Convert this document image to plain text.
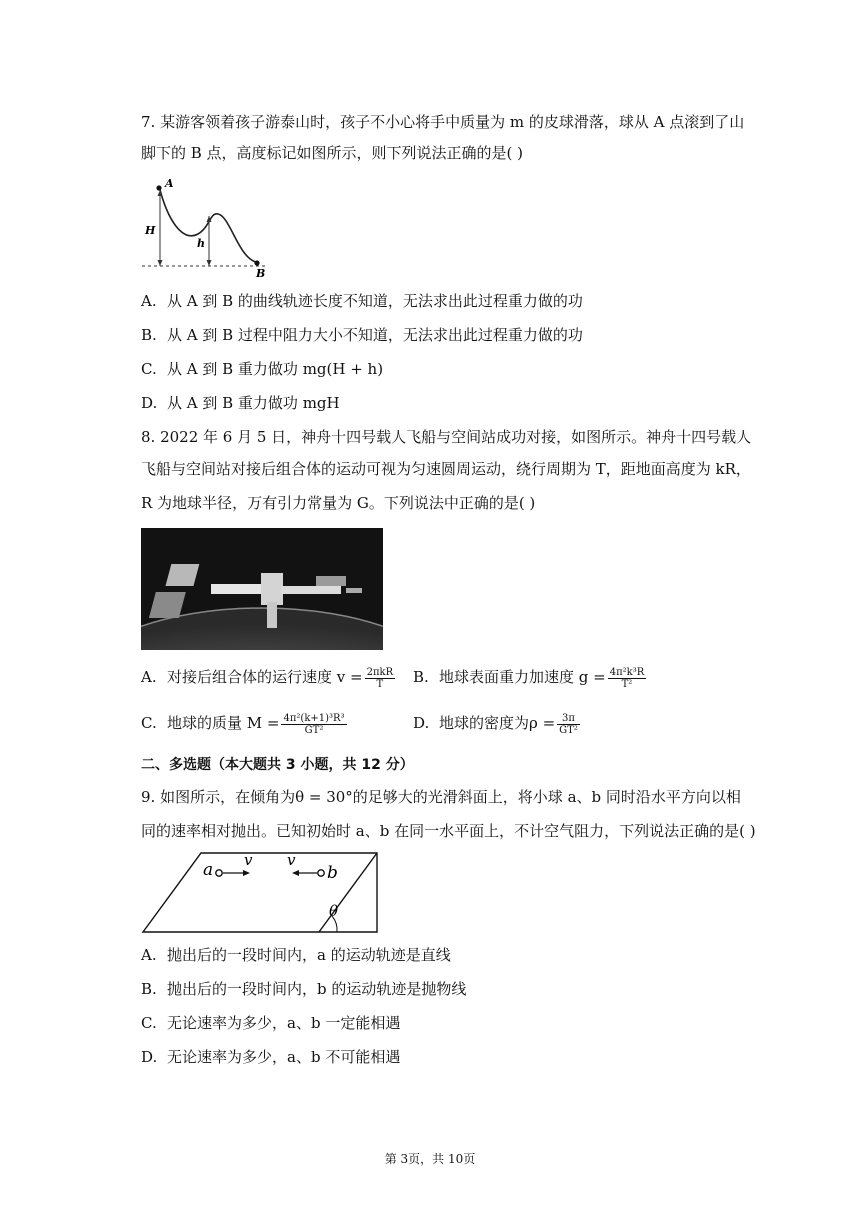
7. 某游客领着孩子游泰山时，孩子不小心将手中质量为 m 的皮球滑落，球从 A 点滚到了山
脚下的 B 点，高度标记如图所示，则下列说法正确的是( )
A
B
H
h
A. 从 A 到 B 的曲线轨迹长度不知道，无法求出此过程重力做的功
B. 从 A 到 B 过程中阻力大小不知道，无法求出此过程重力做的功
C. 从 A 到 B 重力做功 mg(H + h)
D. 从 A 到 B 重力做功 mgH
8. 2022 年 6 月 5 日，神舟十四号载人飞船与空间站成功对接，如图所示。神舟十四号载人
飞船与空间站对接后组合体的运动可视为匀速圆周运动，绕行周期为 T，距地面高度为 kR，
R 为地球半径，万有引力常量为 G。下列说法中正确的是( )
A. 对接后组合体的运行速度 $v = \frac{\text{2πkR}}{T} B$. 地球表面重力加速度 $g = \frac{\text{4π²k³R}}{\text{T²}}$
C. 地球的质量 $M = \frac{\text{4π²(k+1)³R³}}{\text{GT²}}$	D. 地球的密度为$\rho = \frac{3\pi}{\text{GT²}}$
二、多选题（本大题共 3 小题，共 12 分）
9. 如图所示，在倾角为θ = 30°的足够大的光滑斜面上，将小球 a、b 同时沿水平方向以相
同的速率相对抛出。已知初始时 a、b 在同一水平面上，不计空气阻力，下列说法正确的是( )
a v v
b
θ
A. 抛出后的一段时间内，a 的运动轨迹是直线
B. 抛出后的一段时间内，b 的运动轨迹是抛物线
C. 无论速率为多少，a、b 一定能相遇
D. 无论速率为多少，a、b 不可能相遇
第 3页，共 10页
